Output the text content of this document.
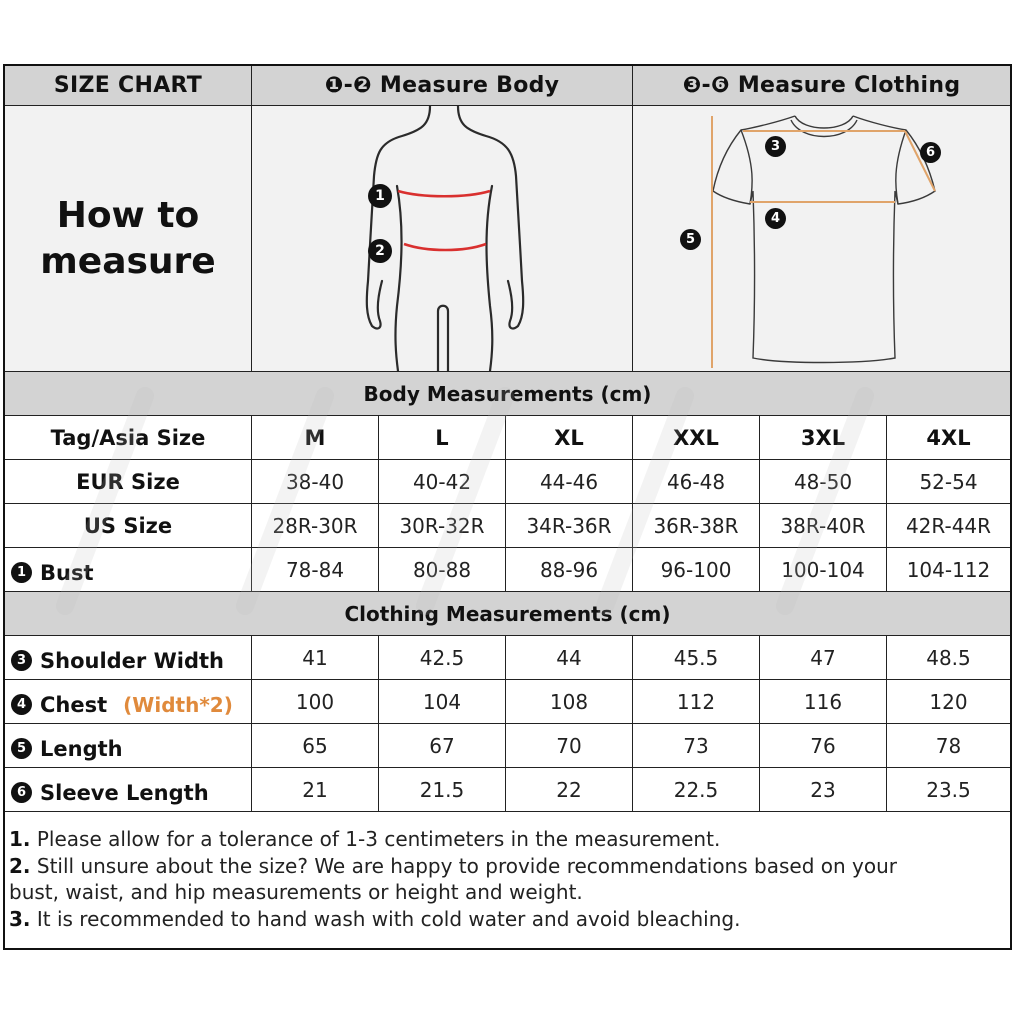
SIZE CHART	❶-❷ Measure Body	❸-❻ Measure Clothing
How to
measure
1
2
3
4
5
6
Body Measurements (cm)
Tag/Asia Size	M	L	XL	XXL	3XL	4XL
EUR Size	38-40	40-42	44-46	46-48	48-50	52-54
US Size	28R-30R	30R-32R	34R-36R	36R-38R	38R-40R	42R-44R
1 Bust	78-84	80-88	88-96	96-100	100-104	104-112
Clothing Measurements (cm)
3 Shoulder Width	41	42.5	44	45.5	47	48.5
4 Chest (Width*2)	100	104	108	112	116	120
5 Length	65	67	70	73	76	78
6 Sleeve Length	21	21.5	22	22.5	23	23.5
1. Please allow for a tolerance of 1-3 centimeters in the measurement.
2. Still unsure about the size? We are happy to provide recommendations based on your
bust, waist, and hip measurements or height and weight.
3. It is recommended to hand wash with cold water and avoid bleaching.
